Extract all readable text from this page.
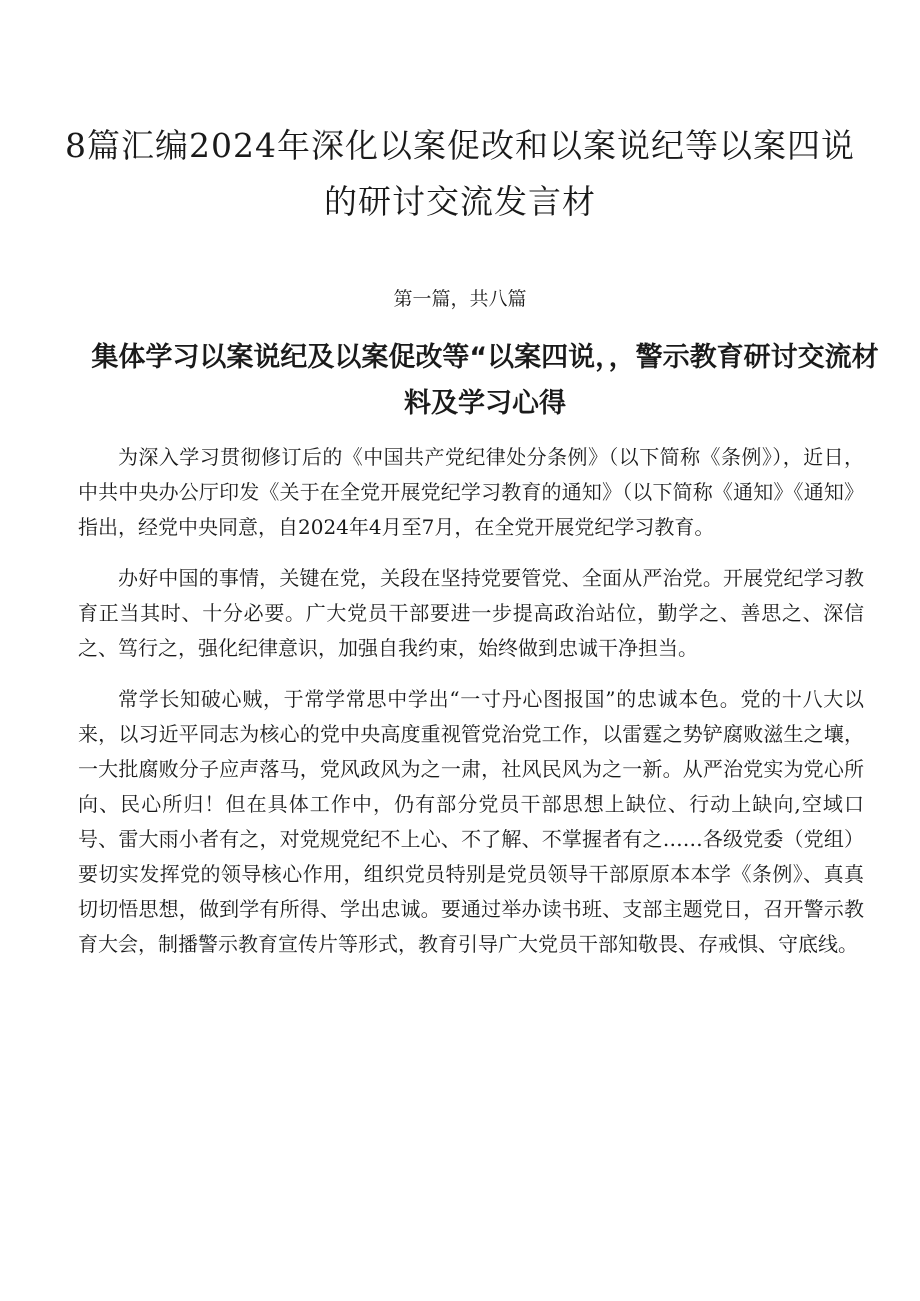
8篇汇编2024年深化以案促改和以案说纪等以案四说的研讨交流发言材
第一篇，共八篇
集体学习以案说纪及以案促改等“以案四说，，警示教育研讨交流材料及学习心得

为深入学习贯彻修订后的《中国共产党纪律处分条例》（以下简称《条例》），近日，中共中央办公厅印发《关于在全党开展党纪学习教育的通知》（以下简称《通知》《通知》指出，经党中央同意，自2024年4月至7月，在全党开展党纪学习教育。

办好中国的事情，关键在党，关段在坚持党要管党、全面从严治党。开展党纪学习教育正当其时、十分必要。广大党员干部要进一步提高政治站位，勤学之、善思之、深信之、笃行之，强化纪律意识，加强自我约束，始终做到忠诚干净担当。

常学长知破心贼，于常学常思中学出“一寸丹心图报国”的忠诚本色。党的十八大以来，以习近平同志为核心的党中央高度重视管党治党工作，以雷霆之势铲腐败滋生之壤，一大批腐败分子应声落马，党风政风为之一肃，社风民风为之一新。从严治党实为党心所向、民心所归！但在具体工作中，仍有部分党员干部思想上缺位、行动上缺向,空域口号、雷大雨小者有之，对党规党纪不上心、不了解、不掌握者有之……各级党委（党组）要切实发挥党的领导核心作用，组织党员特别是党员领导干部原原本本学《条例》、真真切切悟思想，做到学有所得、学出忠诚。要通过举办读书班、支部主题党日，召开警示教育大会，制播警示教育宣传片等形式，教育引导广大党员干部知敬畏、存戒惧、守底线。
